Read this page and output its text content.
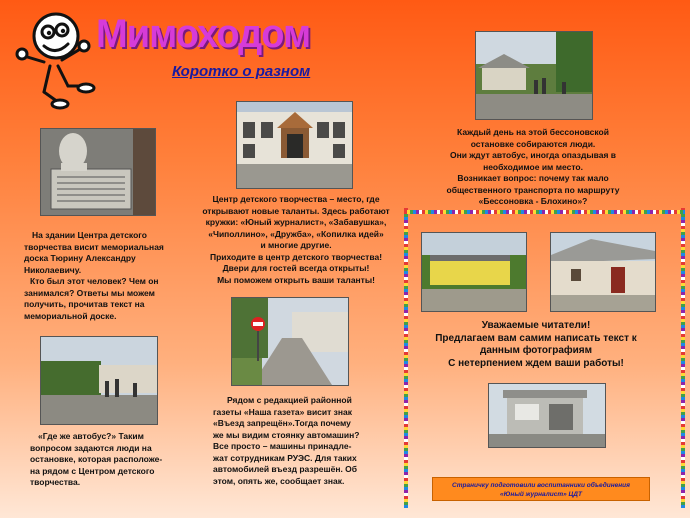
Мимоходом
Коротко о разном
На здании Центра детского
творчества висит мемориальная
доска Тюрину Александру
Николаевичу.
Кто был этот человек? Чем он
занимался? Ответы мы можем
получить, прочитав текст на
мемориальной доске.
Центр детского творчества – место, где
открывают новые таланты. Здесь работают
кружки: «Юный журналист», «Забавушка»,
«Чиполлино», «Дружба», «Копилка идей»
и многие другие.
Приходите в центр детского творчества!
Двери для гостей всегда открыты!
Мы поможем открыть ваши таланты!
Каждый день на этой бессоновской
остановке собираются люди.
Они ждут автобус, иногда опаздывая в
необходимое им место.
Возникает вопрос: почему так мало
общественного транспорта по маршруту
«Бессоновка - Блохино»?
«Где же автобус?» Таким
вопросом задаются люди на
остановке, которая расположе-
на рядом с Центром детского
творчества.
Рядом с редакцией районной
газеты «Наша газета» висит знак
«Въезд запрещён».Тогда почему
же мы видим стоянку автомашин?
Все просто – машины принадле-
жат сотрудникам РУЭС. Для таких
автомобилей въезд разрешён. Об
этом, опять же, сообщает знак.
Уважаемые читатели!
Предлагаем вам самим написать текст к
данным фотографиям
С нетерпением ждем ваши работы!
Страничку подготовили воспитанники объединения
«Юный журналист» ЦДТ
